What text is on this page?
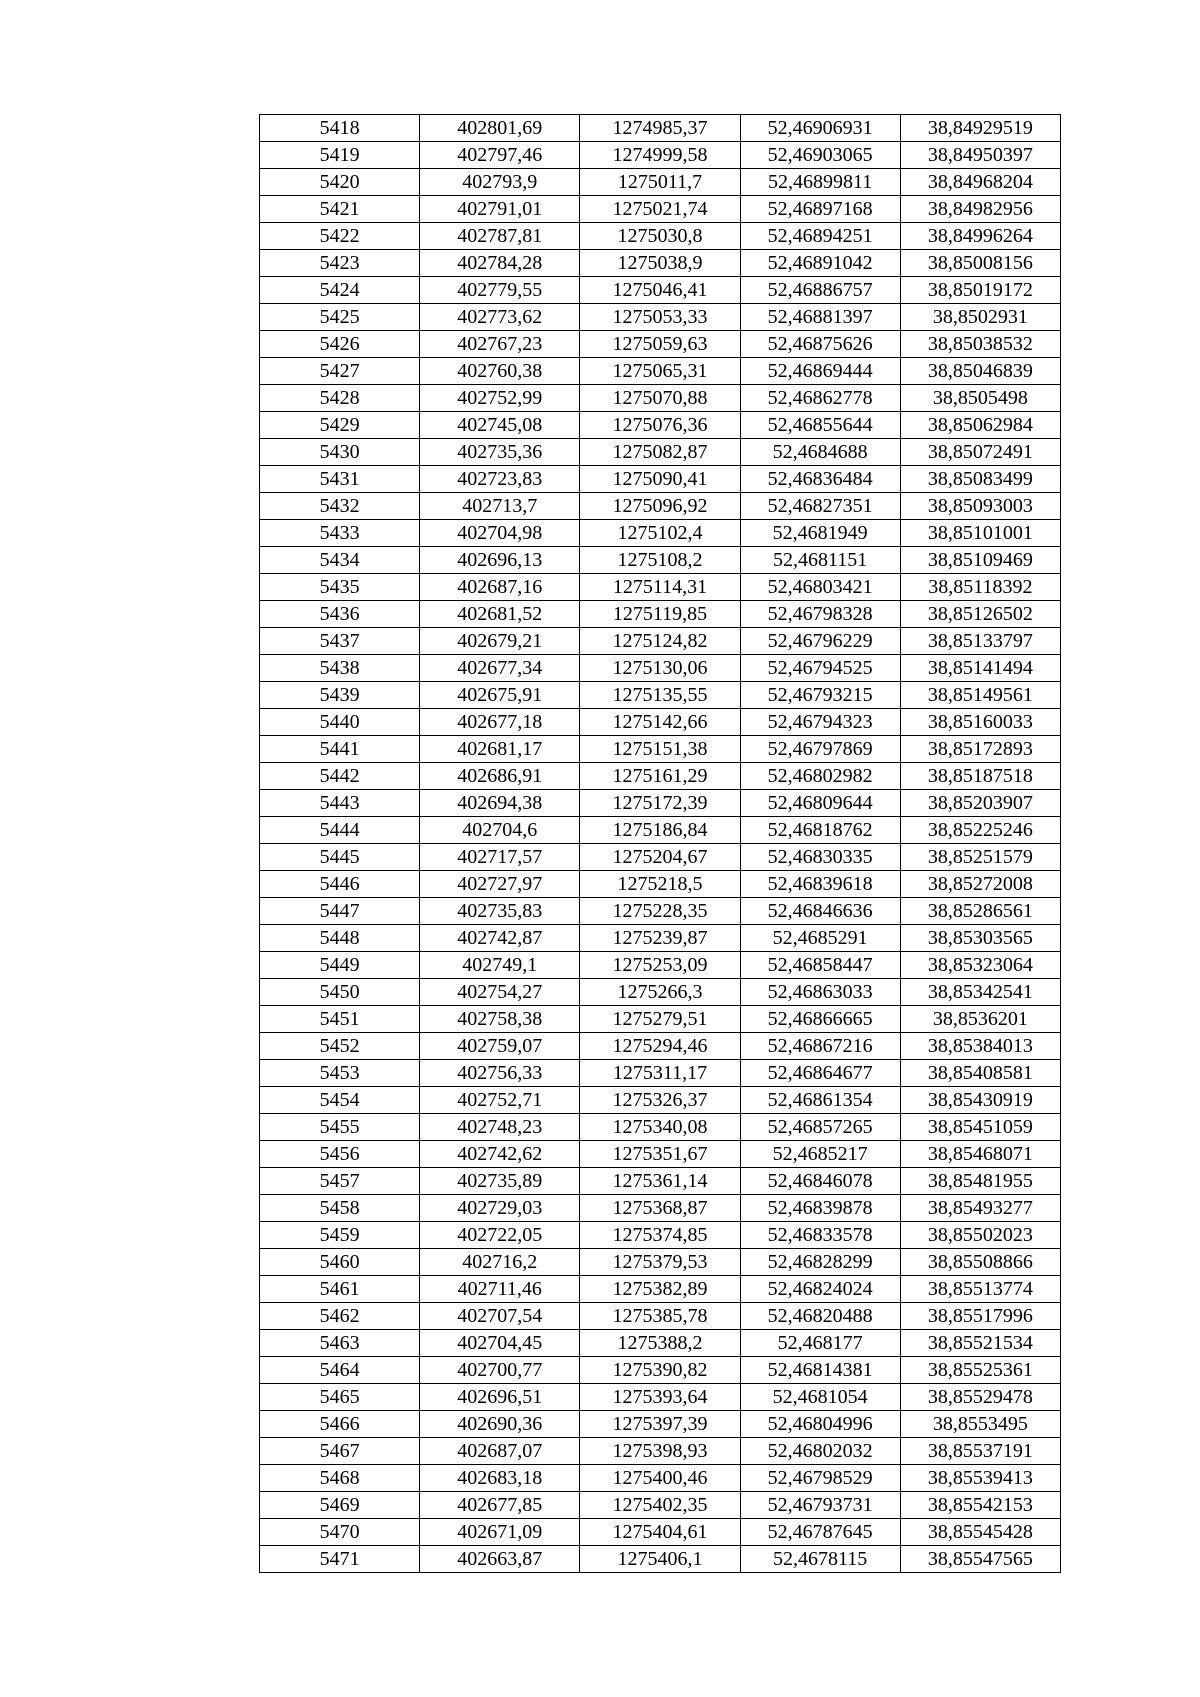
5418	402801,69	1274985,37	52,46906931	38,84929519
5419	402797,46	1274999,58	52,46903065	38,84950397
5420	402793,9	1275011,7	52,46899811	38,84968204
5421	402791,01	1275021,74	52,46897168	38,84982956
5422	402787,81	1275030,8	52,46894251	38,84996264
5423	402784,28	1275038,9	52,46891042	38,85008156
5424	402779,55	1275046,41	52,46886757	38,85019172
5425	402773,62	1275053,33	52,46881397	38,8502931
5426	402767,23	1275059,63	52,46875626	38,85038532
5427	402760,38	1275065,31	52,46869444	38,85046839
5428	402752,99	1275070,88	52,46862778	38,8505498
5429	402745,08	1275076,36	52,46855644	38,85062984
5430	402735,36	1275082,87	52,4684688	38,85072491
5431	402723,83	1275090,41	52,46836484	38,85083499
5432	402713,7	1275096,92	52,46827351	38,85093003
5433	402704,98	1275102,4	52,4681949	38,85101001
5434	402696,13	1275108,2	52,4681151	38,85109469
5435	402687,16	1275114,31	52,46803421	38,85118392
5436	402681,52	1275119,85	52,46798328	38,85126502
5437	402679,21	1275124,82	52,46796229	38,85133797
5438	402677,34	1275130,06	52,46794525	38,85141494
5439	402675,91	1275135,55	52,46793215	38,85149561
5440	402677,18	1275142,66	52,46794323	38,85160033
5441	402681,17	1275151,38	52,46797869	38,85172893
5442	402686,91	1275161,29	52,46802982	38,85187518
5443	402694,38	1275172,39	52,46809644	38,85203907
5444	402704,6	1275186,84	52,46818762	38,85225246
5445	402717,57	1275204,67	52,46830335	38,85251579
5446	402727,97	1275218,5	52,46839618	38,85272008
5447	402735,83	1275228,35	52,46846636	38,85286561
5448	402742,87	1275239,87	52,4685291	38,85303565
5449	402749,1	1275253,09	52,46858447	38,85323064
5450	402754,27	1275266,3	52,46863033	38,85342541
5451	402758,38	1275279,51	52,46866665	38,8536201
5452	402759,07	1275294,46	52,46867216	38,85384013
5453	402756,33	1275311,17	52,46864677	38,85408581
5454	402752,71	1275326,37	52,46861354	38,85430919
5455	402748,23	1275340,08	52,46857265	38,85451059
5456	402742,62	1275351,67	52,4685217	38,85468071
5457	402735,89	1275361,14	52,46846078	38,85481955
5458	402729,03	1275368,87	52,46839878	38,85493277
5459	402722,05	1275374,85	52,46833578	38,85502023
5460	402716,2	1275379,53	52,46828299	38,85508866
5461	402711,46	1275382,89	52,46824024	38,85513774
5462	402707,54	1275385,78	52,46820488	38,85517996
5463	402704,45	1275388,2	52,468177	38,85521534
5464	402700,77	1275390,82	52,46814381	38,85525361
5465	402696,51	1275393,64	52,4681054	38,85529478
5466	402690,36	1275397,39	52,46804996	38,8553495
5467	402687,07	1275398,93	52,46802032	38,85537191
5468	402683,18	1275400,46	52,46798529	38,85539413
5469	402677,85	1275402,35	52,46793731	38,85542153
5470	402671,09	1275404,61	52,46787645	38,85545428
5471	402663,87	1275406,1	52,4678115	38,85547565
